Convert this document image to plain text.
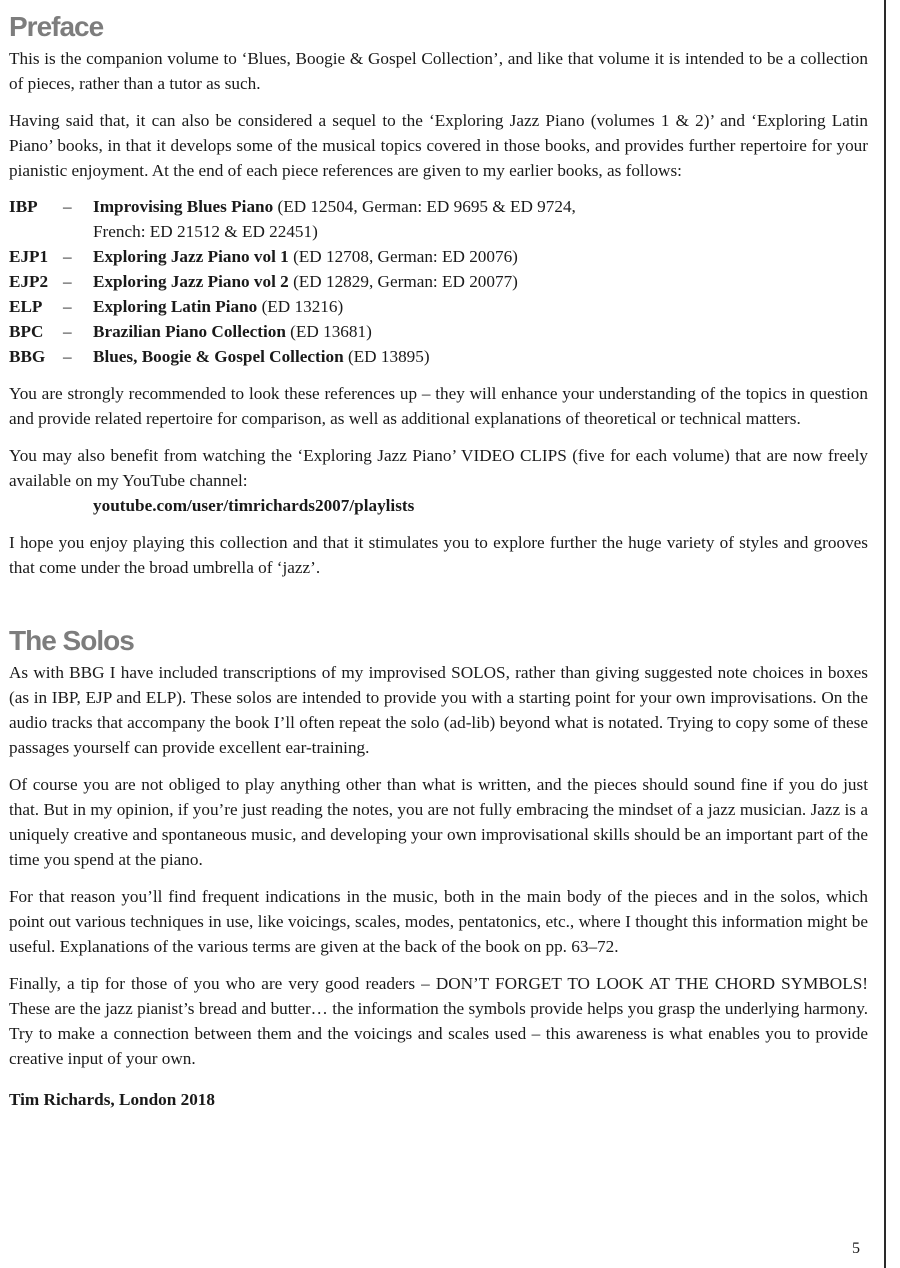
Preface

This is the companion volume to ‘Blues, Boogie & Gospel Collection’, and like that volume it is intended to be a collection of pieces, rather than a tutor as such.

Having said that, it can also be considered a sequel to the ‘Exploring Jazz Piano (volumes 1 & 2)’ and ‘Exploring Latin Piano’ books, in that it develops some of the musical topics covered in those books, and provides further repertoire for your pianistic enjoyment. At the end of each piece references are given to my earlier books, as follows:

IBP	–	Improvising Blues Piano (ED 12504, German: ED 9695 & ED 9724,
French: ED 21512 & ED 22451)
EJP1 –	Exploring Jazz Piano vol 1 (ED 12708, German: ED 20076)
EJP2 –	Exploring Jazz Piano vol 2 (ED 12829, German: ED 20077)
ELP	–	Exploring Latin Piano (ED 13216)
BPC	–	Brazilian Piano Collection (ED 13681)
BBG	–	Blues, Boogie & Gospel Collection (ED 13895)

You are strongly recommended to look these references up – they will enhance your understanding of the topics in question and provide related repertoire for comparison, as well as additional explanations of theoretical or technical matters.

You may also benefit from watching the ‘Exploring Jazz Piano’ VIDEO CLIPS (five for each volume) that are now freely available on my YouTube channel:

youtube.com/user/timrichards2007/playlists

I hope you enjoy playing this collection and that it stimulates you to explore further the huge variety of styles and grooves that come under the broad umbrella of ‘jazz’.

The Solos

As with BBG I have included transcriptions of my improvised SOLOS, rather than giving suggested note choices in boxes (as in IBP, EJP and ELP). These solos are intended to provide you with a starting point for your own improvisations. On the audio tracks that accompany the book I’ll often repeat the solo (ad-lib) beyond what is notated. Trying to copy some of these passages yourself can provide excellent ear-training.

Of course you are not obliged to play anything other than what is written, and the pieces should sound fine if you do just that. But in my opinion, if you’re just reading the notes, you are not fully embracing the mindset of a jazz musician. Jazz is a uniquely creative and spontaneous music, and developing your own improvisational skills should be an important part of the time you spend at the piano.

For that reason you’ll find frequent indications in the music, both in the main body of the pieces and in the solos, which point out various techniques in use, like voicings, scales, modes, pentatonics, etc., where I thought this information might be useful. Explanations of the various terms are given at the back of the book on pp. 63–72.

Finally, a tip for those of you who are very good readers – DON’T FORGET TO LOOK AT THE CHORD SYMBOLS! These are the jazz pianist’s bread and butter… the information the symbols provide helps you grasp the underlying harmony. Try to make a connection between them and the voicings and scales used – this awareness is what enables you to provide creative input of your own.

Tim Richards, London 2018
5
